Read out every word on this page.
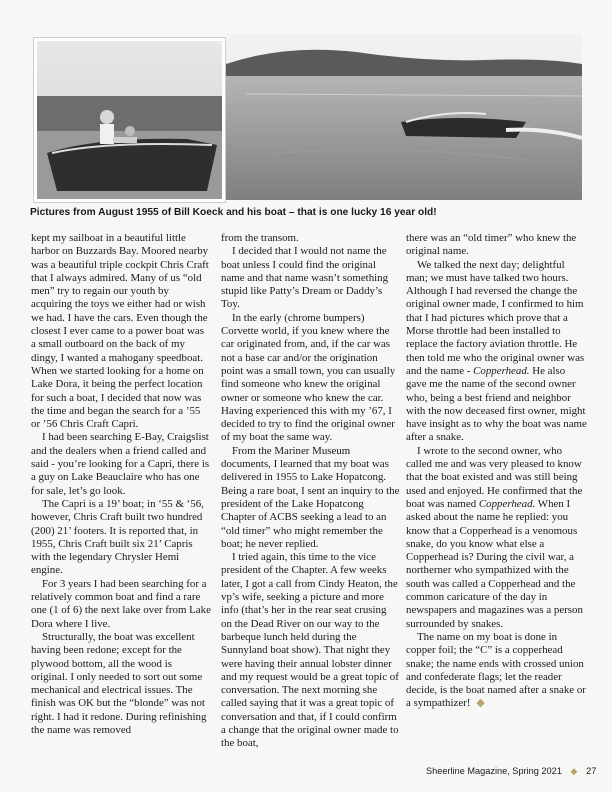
Pictures from August 1955 of Bill Koeck and his boat – that is one lucky 16 year old!

kept my sailboat in a beautiful little harbor on Buzzards Bay. Moored nearby was a beautiful triple cockpit Chris Craft that I always admired. Many of us “old men” try to regain our youth by acquiring the toys we either had or wish we had. I have the cars. Even though the closest I ever came to a power boat was a small outboard on the back of my dingy, I wanted a mahogany speedboat. When we started looking for a home on Lake Dora, it being the perfect location for such a boat, I decided that now was the time and began the search for a ’55 or ’56 Chris Craft Capri.

I had been searching E-Bay, Craigslist and the dealers when a friend called and said - you’re looking for a Capri, there is a guy on Lake Beauclaire who has one for sale, let’s go look.

The Capri is a 19’ boat; in ‘55 & ‘56, however, Chris Craft built two hundred (200) 21’ footers. It is reported that, in 1955, Chris Craft built six 21’ Capris with the legendary Chrysler Hemi engine.

For 3 years I had been searching for a relatively common boat and find a rare one (1 of 6) the next lake over from Lake Dora where I live.

Structurally, the boat was excellent having been redone; except for the plywood bottom, all the wood is original. I only needed to sort out some mechanical and electrical issues. The finish was OK but the “blonde” was not right. I had it redone. During refinishing the name was removed

from the transom.

I decided that I would not name the boat unless I could find the original name and that name wasn’t something stupid like Patty’s Dream or Daddy’s Toy.

In the early (chrome bumpers) Corvette world, if you knew where the car originated from, and, if the car was not a base car and/or the origination point was a small town, you can usually find someone who knew the original owner or someone who knew the car. Having experienced this with my ’67, I decided to try to find the original owner of my boat the same way.

From the Mariner Museum documents, I learned that my boat was delivered in 1955 to Lake Hopatcong. Being a rare boat, I sent an inquiry to the president of the Lake Hopatcong Chapter of ACBS seeking a lead to an “old timer” who might remember the boat; he never replied.

I tried again, this time to the vice president of the Chapter. A few weeks later, I got a call from Cindy Heaton, the vp’s wife, seeking a picture and more info (that’s her in the rear seat crusing on the Dead River on our way to the barbeque lunch held during the Sunnyland boat show). That night they were having their annual lobster dinner and my request would be a great topic of conversation. The next morning she called saying that it was a great topic of conversation and that, if I could confirm a change that the original owner made to the boat,

there was an “old timer” who knew the original name.

We talked the next day; delightful man; we must have talked two hours. Although I had reversed the change the original owner made, I confirmed to him that I had pictures which prove that a Morse throttle had been installed to replace the factory aviation throttle. He then told me who the original owner was and the name - Copperhead. He also gave me the name of the second owner who, being a best friend and neighbor with the now deceased first owner, might have insight as to why the boat was name after a snake.

I wrote to the second owner, who called me and was very pleased to know that the boat existed and was still being used and enjoyed. He confirmed that the boat was named Copperhead. When I asked about the name he replied: you know that a Copperhead is a venomous snake, do you know what else a Copperhead is? During the civil war, a northerner who sympathized with the south was called a Copperhead and the common caricature of the day in newspapers and magazines was a person surrounded by snakes.

The name on my boat is done in copper foil; the “C” is a copperhead snake; the name ends with crossed union and confederate flags; let the reader decide, is the boat named after a snake or a sympathizer! ◆

Sheerline Magazine, Spring 2021 ◆ 27
